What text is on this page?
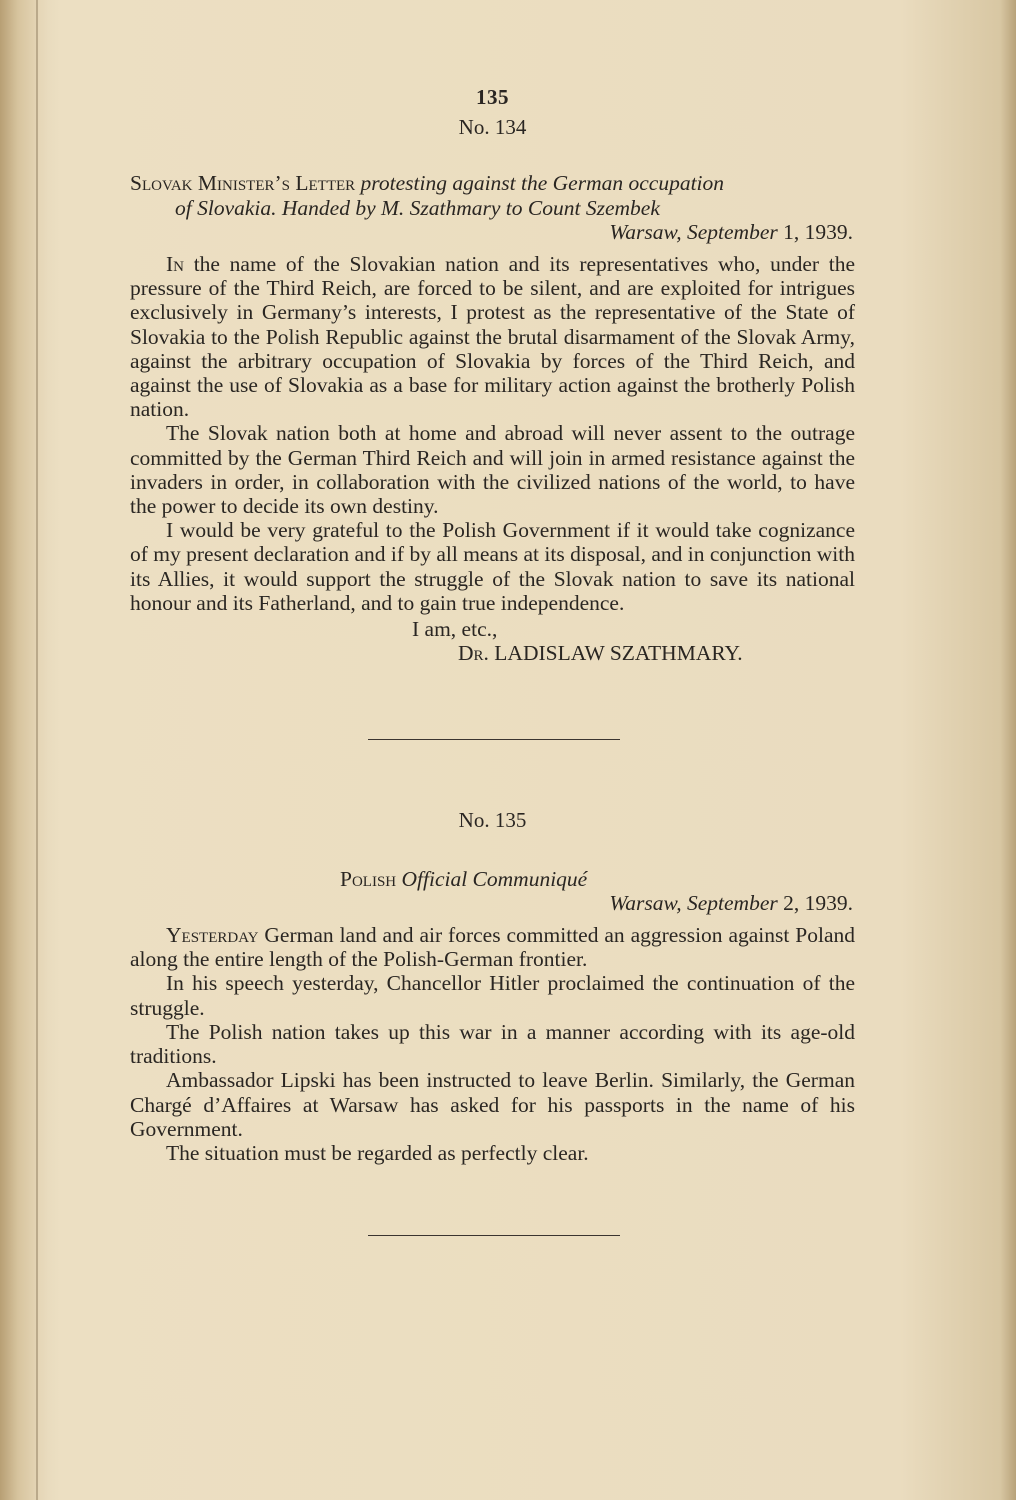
135
No. 134
Slovak Minister’s Letter protesting against the German occupation
of Slovakia. Handed by M. Szathmary to Count Szembek
Warsaw, September 1, 1939.

In the name of the Slovakian nation and its representatives who, under the pressure of the Third Reich, are forced to be silent, and are exploited for intrigues exclusively in Germany’s interests, I protest as the representative of the State of Slovakia to the Polish Republic against the brutal disarmament of the Slovak Army, against the arbitrary occupation of Slovakia by forces of the Third Reich, and against the use of Slovakia as a base for military action against the brotherly Polish nation.

The Slovak nation both at home and abroad will never assent to the outrage committed by the German Third Reich and will join in armed resistance against the invaders in order, in collaboration with the civilized nations of the world, to have the power to decide its own destiny.

I would be very grateful to the Polish Government if it would take cognizance of my present declaration and if by all means at its disposal, and in conjunction with its Allies, it would support the struggle of the Slovak nation to save its national honour and its Fatherland, and to gain true independence.

I am, etc.,
Dr. LADISLAW SZATHMARY.
No. 135
Polish Official Communiqué
Warsaw, September 2, 1939.

Yesterday German land and air forces committed an aggression against Poland along the entire length of the Polish-German frontier.

In his speech yesterday, Chancellor Hitler proclaimed the continuation of the struggle.

The Polish nation takes up this war in a manner according with its age-old traditions.

Ambassador Lipski has been instructed to leave Berlin. Similarly, the German Chargé d’Affaires at Warsaw has asked for his passports in the name of his Government.

The situation must be regarded as perfectly clear.
